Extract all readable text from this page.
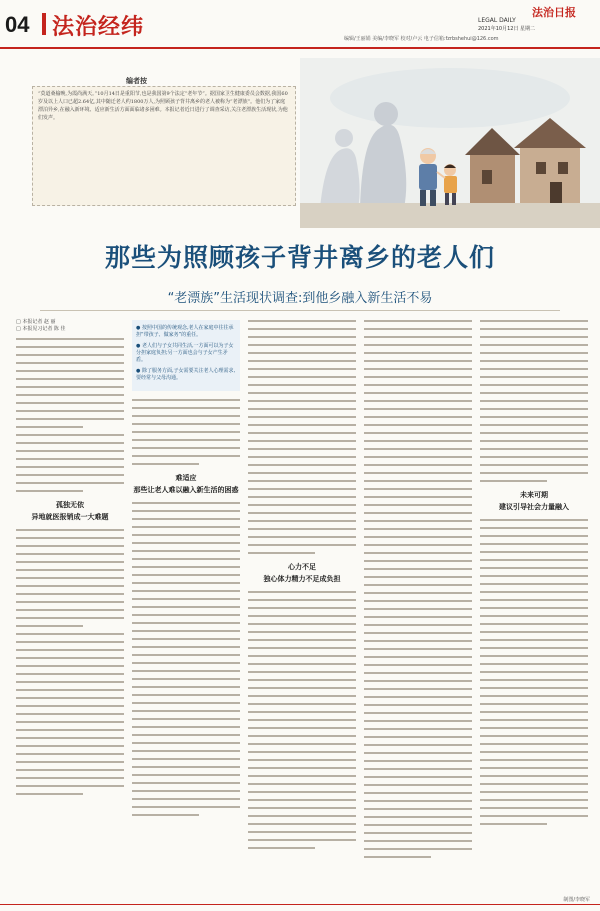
04 法治经纬
法治日报
LEGAL DAILY
2021年10月12日 星期二
编辑/王丽娟 美编/李晓军 校对/卢云 电子信箱:fzrbshehui@126.com
编者按
“莫道桑榆晚,为霞尚满天。”10月14日是重阳节,也是我国第9个法定“老年节”。据国家卫生健康委员会数据,我国60岁及以上人口已超2.64亿,其中随迁老人约1800万人,为照顾孩子背井离乡的老人被称为“老漂族”。他们为了家庭漂泊异乡,在融入新环境、适应新生活方面面临诸多困难。本报记者近日进行了调查采访,关注老漂族生活现状,为他们发声。
那些为照顾孩子背井离乡的老人们
“老漂族”生活现状调查:到他乡融入新生活不易
□ 本报记者 赵 丽
□ 本报见习记者 陈 佳
孤独无依
异地就医报销成一大难题
● 按照中国的传统观念,老人在家庭中往往承担“带孩子、做家务”的重任。
● 老人们与子女共同生活,一方面可以为子女分担家庭负担;另一方面也会与子女产生矛盾。
● 除了服务方面,子女需要关注老人心理需求,要经常与父母沟通。
难适应
那些让老人难以融入新生活的困惑
心力不足
独心体力精力不足成负担
未来可期
建议引导社会力量融入
制图/李晓军
